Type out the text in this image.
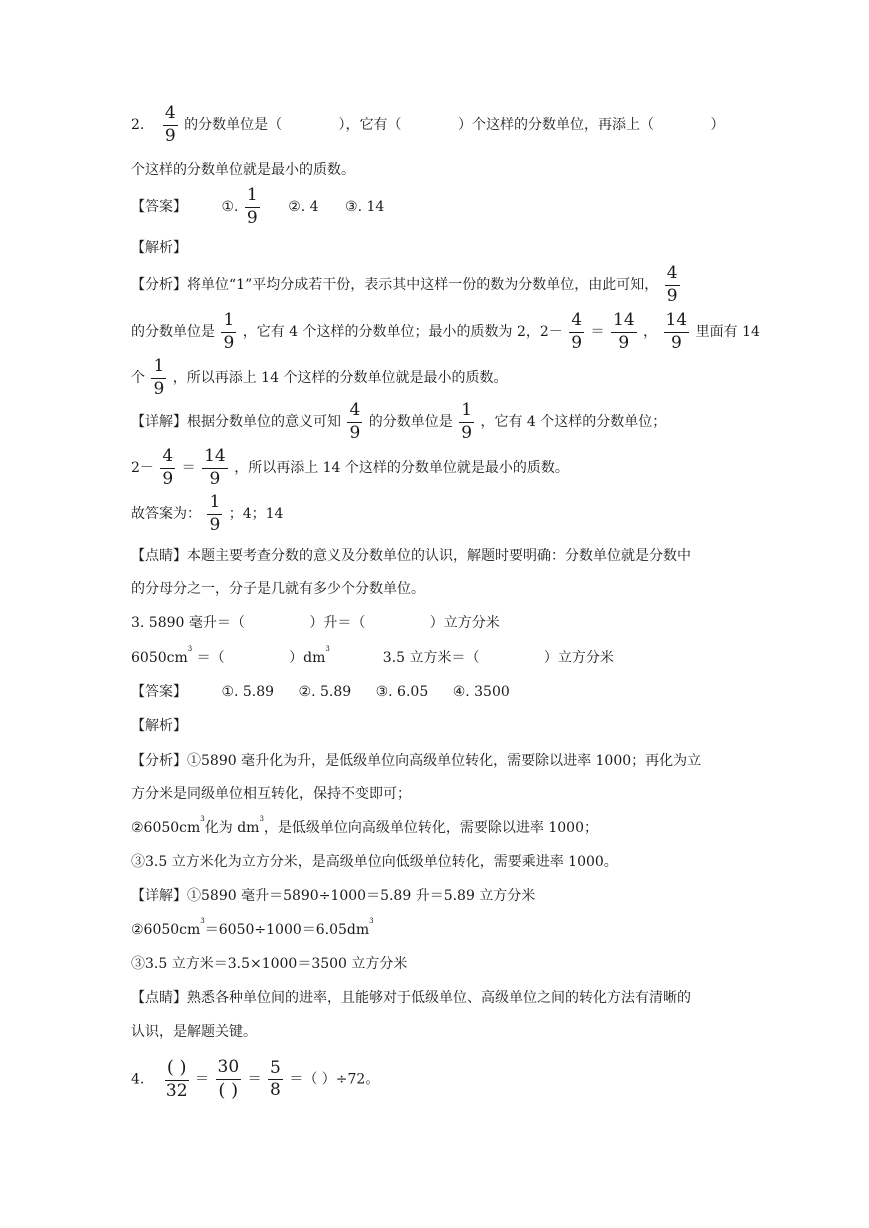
2. $\frac{4}{9}$ 的分数单位是（	），它有（	）个这样的分数单位，再添上（	）
个这样的分数单位就是最小的质数。
【答案】 ①. $\frac{1}{9}$ ②. 4 ③. 14
【解析】
【分析】将单位“1”平均分成若干份，表示其中这样一份的数为分数单位，由此可知， $\frac{4}{9}$
的分数单位是 $\frac{1}{9}$ ，它有 4 个这样的分数单位；最小的质数为 2，$2- \frac{4}{9} = \frac{14}{9}$ ， $\frac{14}{9}$ 里面有 14
个 $\frac{1}{9}$ ，所以再添上 14 个这样的分数单位就是最小的质数。
【详解】根据分数单位的意义可知 $\frac{4}{9}$ 的分数单位是 $\frac{1}{9}$ ，它有 4 个这样的分数单位；
$2- \frac{4}{9} = \frac{14}{9}$ ，所以再添上 14 个这样的分数单位就是最小的质数。
故答案为： $\frac{1}{9}$ ；4；14
【点睛】本题主要考查分数的意义及分数单位的认识，解题时要明确：分数单位就是分数中
的分母分之一，分子是几就有多少个分数单位。
3. 5890 毫升＝（	）升＝（	）立方分米
$6050cm^3$ ＝（	）$dm^3$  3.5 立方米＝（	）立方分米
【答案】 ①. 5.89 ②. 5.89 ③. 6.05 ④. 3500
【解析】
【分析】①5890 毫升化为升，是低级单位向高级单位转化，需要除以进率 1000；再化为立
方分米是同级单位相互转化，保持不变即可；
$②6050cm^3$化为 $dm^3$，是低级单位向高级单位转化，需要除以进率 1000；
③3.5 立方米化为立方分米，是高级单位向低级单位转化，需要乘进率 1000。
【详解】①5890 毫升＝5890÷1000＝5.89 升＝5.89 立方分米
$②6050cm^3=6050\div 1000=6.05dm^3$
③3.5 立方米＝3.5×1000＝3500 立方分米
【点睛】熟悉各种单位间的进率，且能够对于低级单位、高级单位之间的转化方法有清晰的
认识，是解题关键。
4.
( )
32
＝
30
( ) ＝ $\frac{5}{8}$ ＝（ ）÷72。
